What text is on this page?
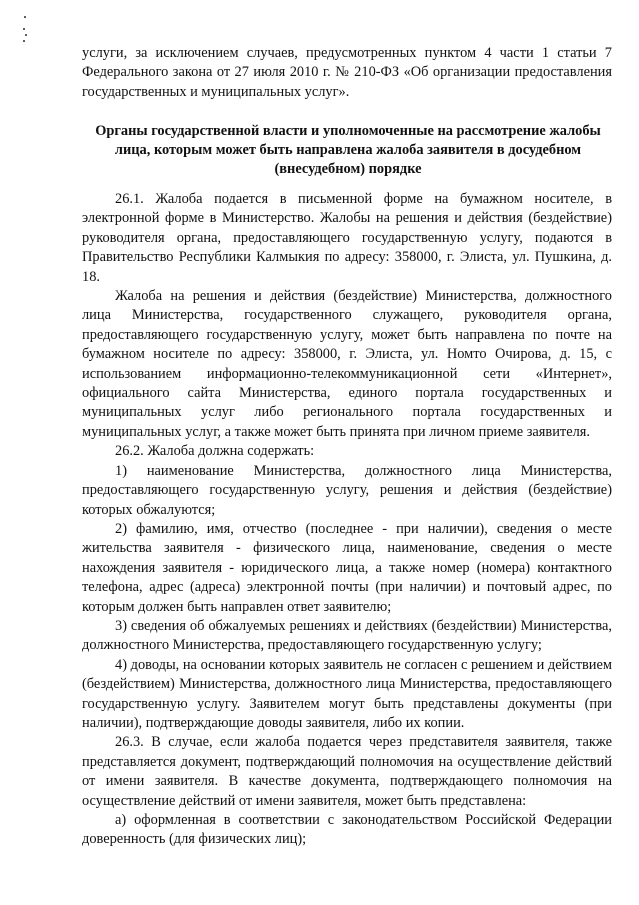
услуги, за исключением случаев, предусмотренных пунктом 4 части 1 статьи 7 Федерального закона от 27 июля 2010 г. № 210-ФЗ «Об организации предоставления государственных и муниципальных услуг».

Органы государственной власти и уполномоченные на рассмотрение жалобы лица, которым может быть направлена жалоба заявителя в досудебном (внесудебном) порядке

26.1. Жалоба подается в письменной форме на бумажном носителе, в электронной форме в Министерство. Жалобы на решения и действия (бездействие) руководителя органа, предоставляющего государственную услугу, подаются в Правительство Республики Калмыкия по адресу: 358000, г. Элиста, ул. Пушкина, д. 18.

Жалоба на решения и действия (бездействие) Министерства, должностного лица Министерства, государственного служащего, руководителя органа, предоставляющего государственную услугу, может быть направлена по почте на бумажном носителе по адресу: 358000, г. Элиста, ул. Номто Очирова, д. 15, с использованием информационно-телекоммуникационной сети «Интернет», официального сайта Министерства, единого портала государственных и муниципальных услуг либо регионального портала государственных и муниципальных услуг, а также может быть принята при личном приеме заявителя.

26.2. Жалоба должна содержать:

1) наименование Министерства, должностного лица Министерства, предоставляющего государственную услугу, решения и действия (бездействие) которых обжалуются;

2) фамилию, имя, отчество (последнее - при наличии), сведения о месте жительства заявителя - физического лица, наименование, сведения о месте нахождения заявителя - юридического лица, а также номер (номера) контактного телефона, адрес (адреса) электронной почты (при наличии) и почтовый адрес, по которым должен быть направлен ответ заявителю;

3) сведения об обжалуемых решениях и действиях (бездействии) Министерства, должностного Министерства, предоставляющего государственную услугу;

4) доводы, на основании которых заявитель не согласен с решением и действием (бездействием) Министерства, должностного лица Министерства, предоставляющего государственную услугу. Заявителем могут быть представлены документы (при наличии), подтверждающие доводы заявителя, либо их копии.

26.3. В случае, если жалоба подается через представителя заявителя, также представляется документ, подтверждающий полномочия на осуществление действий от имени заявителя. В качестве документа, подтверждающего полномочия на осуществление действий от имени заявителя, может быть представлена:

а) оформленная в соответствии с законодательством Российской Федерации доверенность (для физических лиц);
